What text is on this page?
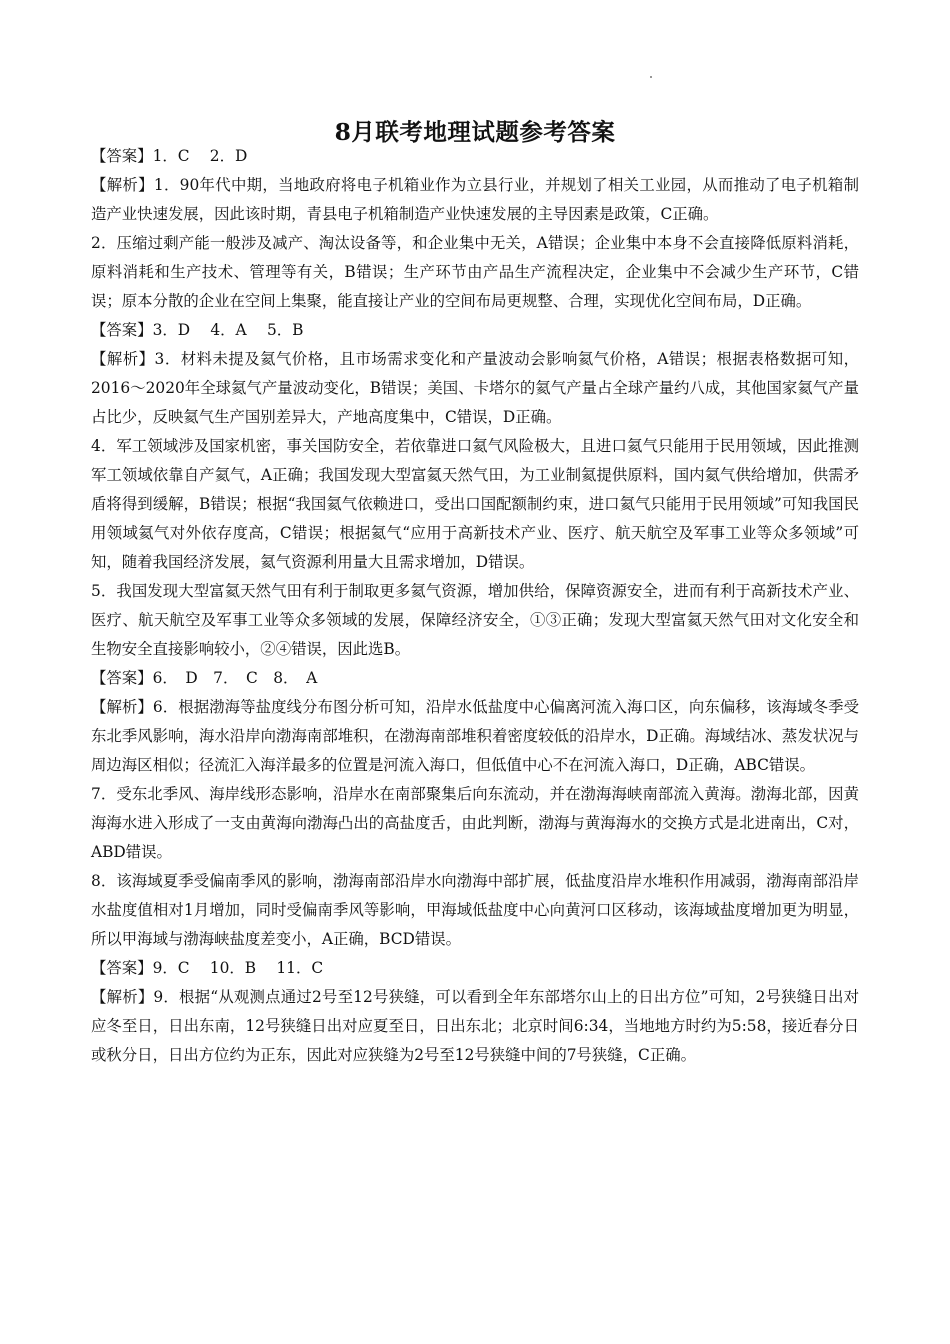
8月联考地理试题参考答案

【答案】1．C　 2．D

【解析】1．90年代中期，当地政府将电子机箱业作为立县行业，并规划了相关工业园，从而推动了电子机箱制造产业快速发展，因此该时期，青县电子机箱制造产业快速发展的主导因素是政策，C正确。

2．压缩过剩产能一般涉及减产、淘汰设备等，和企业集中无关，A错误；企业集中本身不会直接降低原料消耗，原料消耗和生产技术、管理等有关，B错误；生产环节由产品生产流程决定，企业集中不会减少生产环节，C错误；原本分散的企业在空间上集聚，能直接让产业的空间布局更规整、合理，实现优化空间布局，D正确。

【答案】3．D　 4．A　 5．B

【解析】3．材料未提及氦气价格，且市场需求变化和产量波动会影响氦气价格，A错误；根据表格数据可知，2016～2020年全球氦气产量波动变化，B错误；美国、卡塔尔的氦气产量占全球产量约八成，其他国家氦气产量占比少，反映氦气生产国别差异大，产地高度集中，C错误，D正确。

4．军工领域涉及国家机密，事关国防安全，若依靠进口氦气风险极大，且进口氦气只能用于民用领域，因此推测军工领域依靠自产氦气，A正确；我国发现大型富氦天然气田，为工业制氦提供原料，国内氦气供给增加，供需矛盾将得到缓解，B错误；根据“我国氦气依赖进口，受出口国配额制约束，进口氦气只能用于民用领域”可知我国民用领域氦气对外依存度高，C错误；根据氦气“应用于高新技术产业、医疗、航天航空及军事工业等众多领域”可知，随着我国经济发展，氦气资源利用量大且需求增加，D错误。

5．我国发现大型富氦天然气田有利于制取更多氦气资源，增加供给，保障资源安全，进而有利于高新技术产业、医疗、航天航空及军事工业等众多领域的发展，保障经济安全，①③正确；发现大型富氦天然气田对文化安全和生物安全直接影响较小，②④错误，因此选B。

【答案】6．　D　7．　C　8．　A

【解析】6．根据渤海等盐度线分布图分析可知，沿岸水低盐度中心偏离河流入海口区，向东偏移，该海域冬季受东北季风影响，海水沿岸向渤海南部堆积，在渤海南部堆积着密度较低的沿岸水，D正确。海域结冰、蒸发状况与周边海区相似；径流汇入海洋最多的位置是河流入海口，但低值中心不在河流入海口，D正确，ABC错误。

7．受东北季风、海岸线形态影响，沿岸水在南部聚集后向东流动，并在渤海海峡南部流入黄海。渤海北部，因黄海海水进入形成了一支由黄海向渤海凸出的高盐度舌，由此判断，渤海与黄海海水的交换方式是北进南出，C对，ABD错误。

8．该海域夏季受偏南季风的影响，渤海南部沿岸水向渤海中部扩展，低盐度沿岸水堆积作用减弱，渤海南部沿岸水盐度值相对1月增加，同时受偏南季风等影响，甲海域低盐度中心向黄河口区移动，该海域盐度增加更为明显，所以甲海域与渤海峡盐度差变小，A正确，BCD错误。

【答案】9．C　 10．B　 11．C

【解析】9．根据“从观测点通过2号至12号狭缝，可以看到全年东部塔尔山上的日出方位”可知，2号狭缝日出对应冬至日，日出东南，12号狭缝日出对应夏至日，日出东北；北京时间6:34，当地地方时约为5:58，接近春分日或秋分日，日出方位约为正东，因此对应狭缝为2号至12号狭缝中间的7号狭缝，C正确。
